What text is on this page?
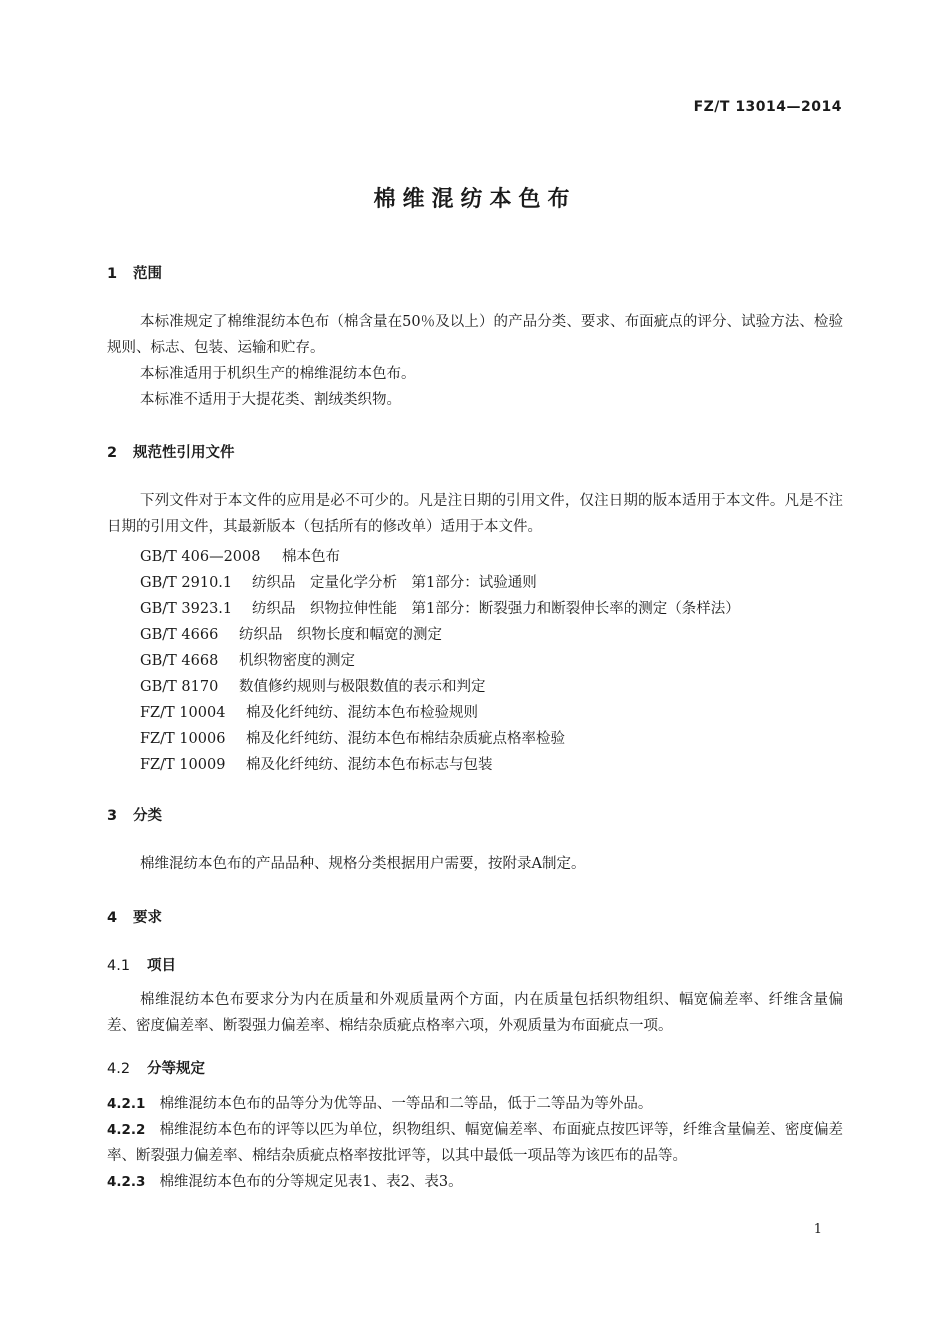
FZ/T 13014—2014
棉维混纺本色布
1 范围

本标准规定了棉维混纺本色布（棉含量在50％及以上）的产品分类、要求、布面疵点的评分、试验方法、检验规则、标志、包装、运输和贮存。

本标准适用于机织生产的棉维混纺本色布。

本标准不适用于大提花类、割绒类织物。

2 规范性引用文件

下列文件对于本文件的应用是必不可少的。凡是注日期的引用文件，仅注日期的版本适用于本文件。凡是不注日期的引用文件，其最新版本（包括所有的修改单）适用于本文件。

GB/T 406—2008 棉本色布
GB/T 2910.1 纺织品　定量化学分析　第1部分：试验通则
GB/T 3923.1 纺织品　织物拉伸性能　第1部分：断裂强力和断裂伸长率的测定（条样法）
GB/T 4666 纺织品　织物长度和幅宽的测定
GB/T 4668 机织物密度的测定
GB/T 8170 数值修约规则与极限数值的表示和判定
FZ/T 10004 棉及化纤纯纺、混纺本色布检验规则
FZ/T 10006 棉及化纤纯纺、混纺本色布棉结杂质疵点格率检验
FZ/T 10009 棉及化纤纯纺、混纺本色布标志与包装
3 分类

棉维混纺本色布的产品品种、规格分类根据用户需要，按附录A制定。

4 要求
4.1 项目

棉维混纺本色布要求分为内在质量和外观质量两个方面，内在质量包括织物组织、幅宽偏差率、纤维含量偏差、密度偏差率、断裂强力偏差率、棉结杂质疵点格率六项，外观质量为布面疵点一项。

4.2 分等规定

4.2.1 棉维混纺本色布的品等分为优等品、一等品和二等品，低于二等品为等外品。

4.2.2 棉维混纺本色布的评等以匹为单位，织物组织、幅宽偏差率、布面疵点按匹评等，纤维含量偏差、密度偏差率、断裂强力偏差率、棉结杂质疵点格率按批评等，以其中最低一项品等为该匹布的品等。

4.2.3 棉维混纺本色布的分等规定见表1、表2、表3。

1
